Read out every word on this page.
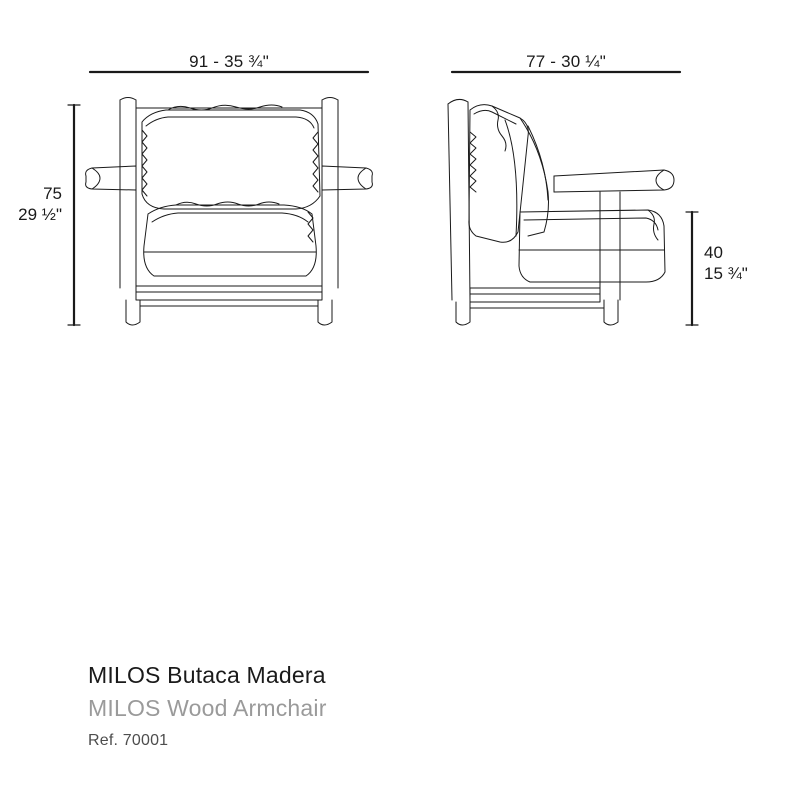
91 - 35 ¾"
75
29 ½"
77 - 30 ¼"
40
15 ¾"
MILOS Butaca Madera
MILOS Wood Armchair
Ref. 70001
